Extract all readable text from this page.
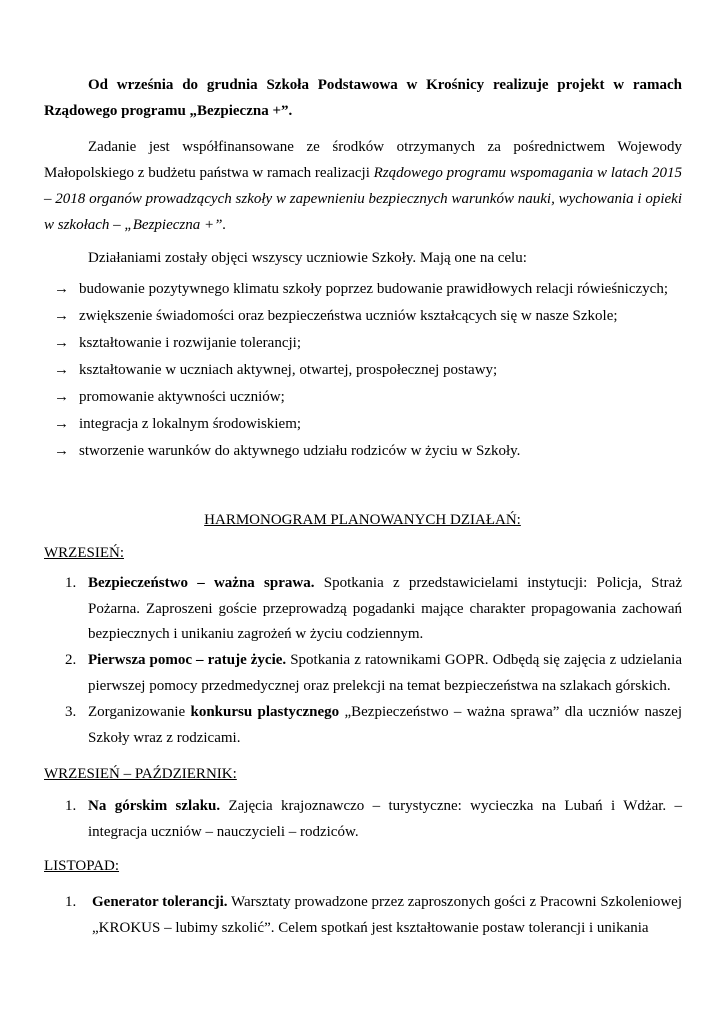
Od września do grudnia Szkoła Podstawowa w Krośnicy realizuje projekt w ramach Rządowego programu „Bezpieczna +”.

Zadanie jest współfinansowane ze środków otrzymanych za pośrednictwem Wojewody Małopolskiego z budżetu państwa w ramach realizacji Rządowego programu wspomagania w latach 2015 – 2018 organów prowadzących szkoły w zapewnieniu bezpiecznych warunków nauki, wychowania i opieki w szkołach – „Bezpieczna +”.

Działaniami zostały objęci wszyscy uczniowie Szkoły. Mają one na celu:

→ budowanie pozytywnego klimatu szkoły poprzez budowanie prawidłowych relacji rówieśniczych;
→ zwiększenie świadomości oraz bezpieczeństwa uczniów kształcących się w nasze Szkole;
→ kształtowanie i rozwijanie tolerancji;
→ kształtowanie w uczniach aktywnej, otwartej, prospołecznej postawy;
→ promowanie aktywności uczniów;
→ integracja z lokalnym środowiskiem;
→ stworzenie warunków do aktywnego udziału rodziców w życiu w Szkoły.
HARMONOGRAM PLANOWANYCH DZIAŁAŃ:
WRZESIEŃ:
1. Bezpieczeństwo – ważna sprawa. Spotkania z przedstawicielami instytucji: Policja, Straż Pożarna. Zaproszeni goście przeprowadzą pogadanki mające charakter propagowania zachowań bezpiecznych i unikaniu zagrożeń w życiu codziennym.
2. Pierwsza pomoc – ratuje życie. Spotkania z ratownikami GOPR. Odbędą się zajęcia z udzielania pierwszej pomocy przedmedycznej oraz prelekcji na temat bezpieczeństwa na szlakach górskich.
3. Zorganizowanie konkursu plastycznego „Bezpieczeństwo – ważna sprawa” dla uczniów naszej Szkoły wraz z rodzicami.
WRZESIEŃ – PAŹDZIERNIK:
1. Na górskim szlaku. Zajęcia krajoznawczo – turystyczne: wycieczka na Lubań i Wdżar. – integracja uczniów – nauczycieli – rodziców.
LISTOPAD:
1.	Generator tolerancji. Warsztaty prowadzone przez zaproszonych gości z Pracowni Szkoleniowej „KROKUS – lubimy szkolić”. Celem spotkań jest kształtowanie postaw tolerancji i unikania
